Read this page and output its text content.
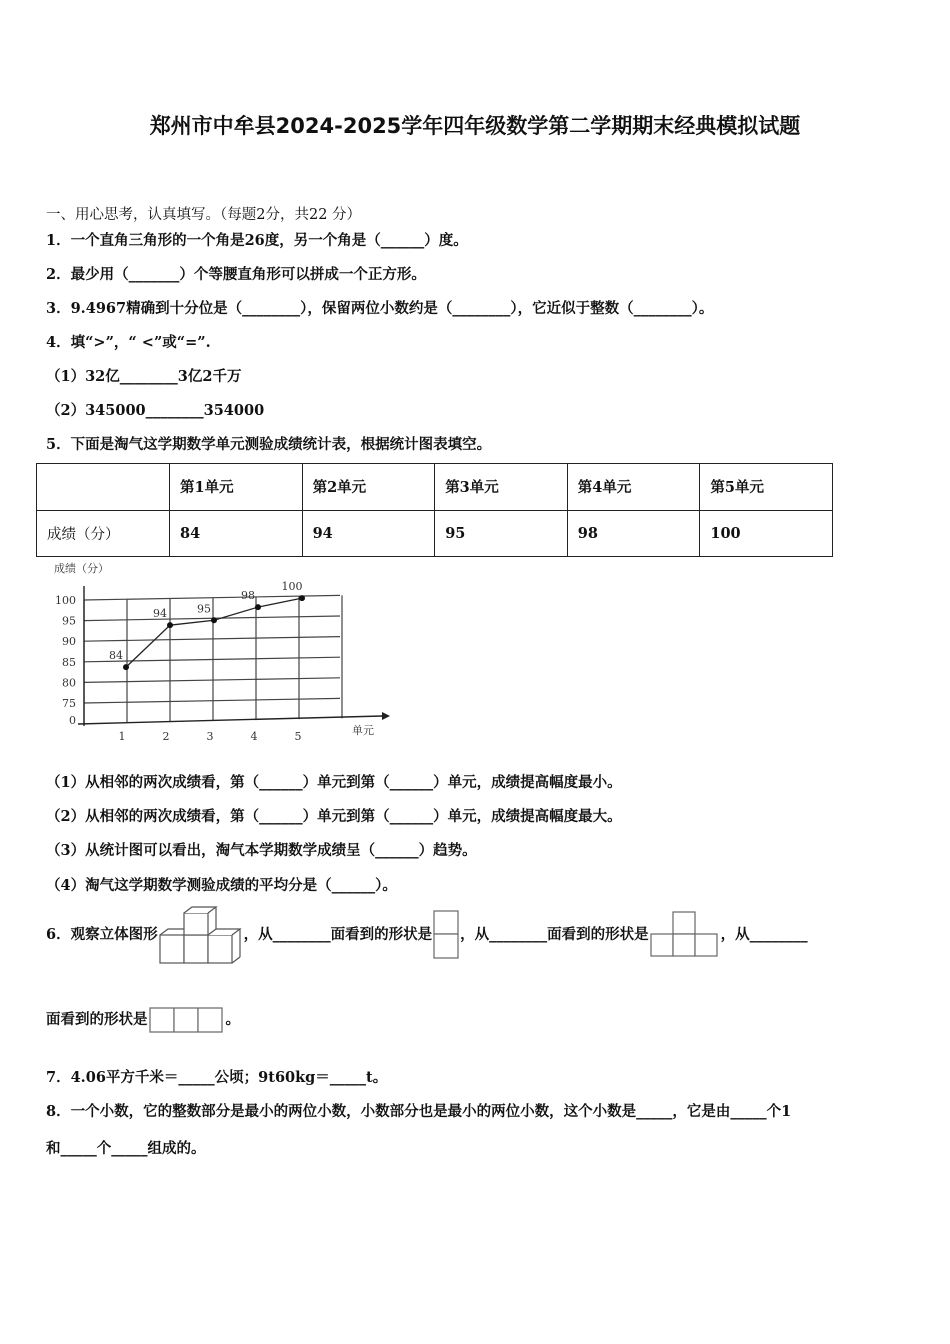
郑州市中牟县2024-2025学年四年级数学第二学期期末经典模拟试题
一、用心思考，认真填写。（每题2分，共22 分）
1．一个直角三角形的一个角是26度，另一个角是（______）度。
2．最少用（_______）个等腰直角形可以拼成一个正方形。
3．9.4967精确到十分位是（________），保留两位小数约是（________），它近似于整数（________）。
4．填“>”，“ <”或“=”.
（1）32亿________3亿2千万
（2）345000________354000
5．下面是淘气这学期数学单元测验成绩统计表，根据统计图表填空。
	第1单元	第2单元	第3单元	第4单元	第5单元
成绩（分）	84	94	95	98	100
0
75
80
85
90
95
100
1	2	3	4	5
84
94	95
98
100
成绩（分）
单元
（1）从相邻的两次成绩看，第（______）单元到第（______）单元，成绩提高幅度最小。
（2）从相邻的两次成绩看，第（______）单元到第（______）单元，成绩提高幅度最大。
（3）从统计图可以看出，淘气本学期数学成绩呈（______）趋势。
（4）淘气这学期数学测验成绩的平均分是（______）。
6．观察立体图形	，从________面看到的形状是 ，从________面看到的形状是	，从________
面看到的形状是	。
7．4.06平方千米＝_____公顷；9t60kg＝_____t。
8．一个小数，它的整数部分是最小的两位小数，小数部分也是最小的两位小数，这个小数是_____，它是由_____个1
和_____个_____组成的。
